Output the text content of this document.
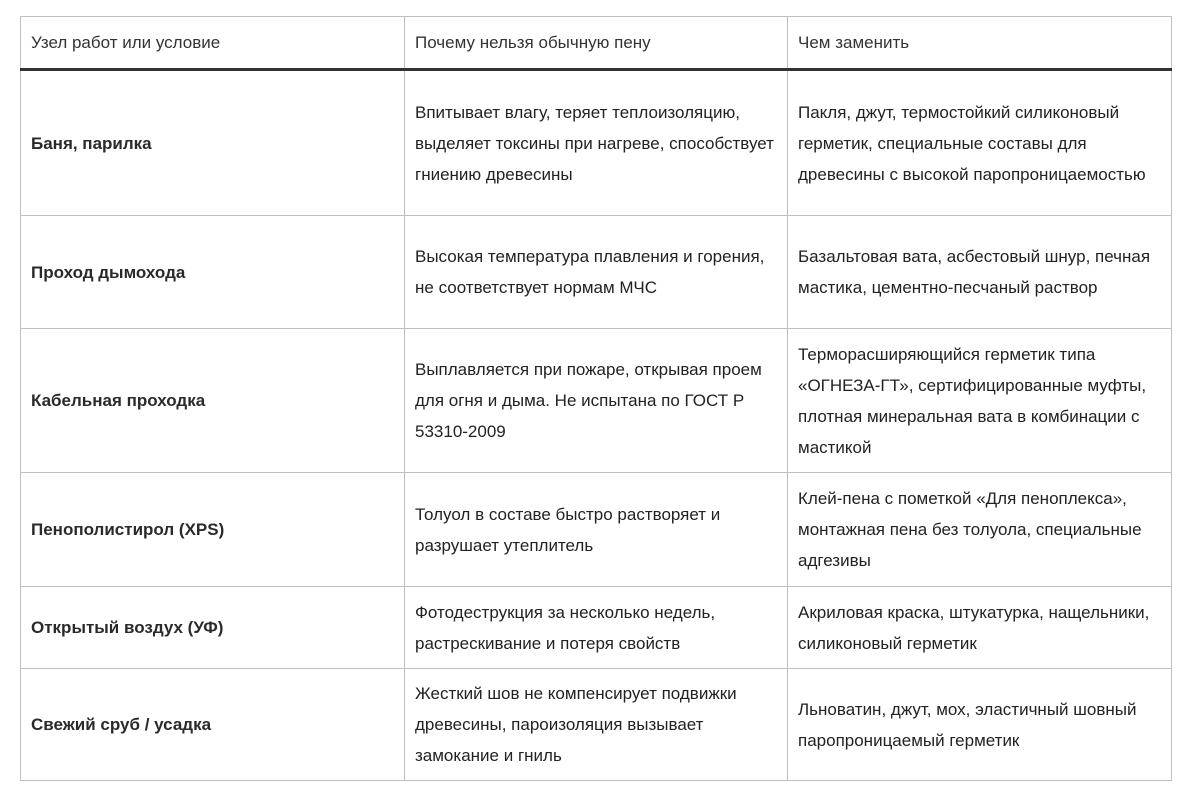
Узел работ или условие	Почему нельзя обычную пену	Чем заменить
Баня, парилка	Впитывает влагу, теряет теплоизоляцию, выделяет токсины при нагреве, способствует гниению древесины	Пакля, джут, термостойкий силиконовый герметик, специальные составы для древесины с высокой паропроницаемостью
Проход дымохода	Высокая температура плавления и горения, не соответствует нормам МЧС	Базальтовая вата, асбестовый шнур, печная мастика, цементно-песчаный раствор
Кабельная проходка	Выплавляется при пожаре, открывая проем для огня и дыма. Не испытана по ГОСТ Р 53310-2009	Терморасширяющийся герметик типа «ОГНЕЗА-ГТ», сертифицированные муфты, плотная минеральная вата в комбинации с мастикой
Пенополистирол (XPS)	Толуол в составе быстро растворяет и разрушает утеплитель	Клей-пена с пометкой «Для пеноплекса», монтажная пена без толуола, специальные адгезивы
Открытый воздух (УФ)	Фотодеструкция за несколько недель, растрескивание и потеря свойств	Акриловая краска, штукатурка, нащельники, силиконовый герметик
Свежий сруб / усадка	Жесткий шов не компенсирует подвижки древесины, пароизоляция вызывает замокание и гниль	Льноватин, джут, мох, эластичный шовный паропроницаемый герметик
